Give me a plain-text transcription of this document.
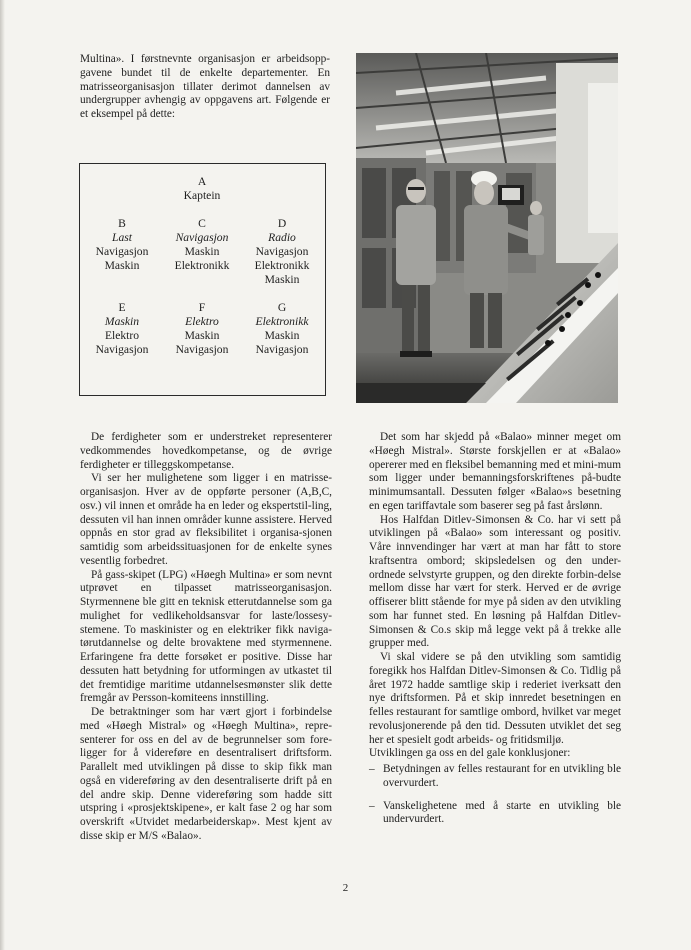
Multina». I førstnevnte organisasjon er arbeidsopp-gavene bundet til de enkelte departementer. En matrisseorganisasjon tillater derimot dannelsen av undergrupper avhengig av oppgavens art. Følgende er et eksempel på dette:

A
Kaptein
B
Last
Navigasjon
Maskin
C
Navigasjon
Maskin
Elektronikk
D
Radio
Navigasjon
Elektronikk
Maskin
E
Maskin
Elektro
Navigasjon
F
Elektro
Maskin
Navigasjon
G
Elektronikk
Maskin
Navigasjon

De ferdigheter som er understreket representerer vedkommendes hovedkompetanse, og de øvrige ferdigheter er tilleggskompetanse.

Vi ser her mulighetene som ligger i en matrisse-organisasjon. Hver av de oppførte personer (A,B,C, osv.) vil innen et område ha en leder og ekspertstil-ling, dessuten vil han innen områder kunne assistere. Herved oppnås en stor grad av fleksibilitet i organisa-sjonen samtidig som arbeidssituasjonen for de enkelte synes vesentlig forbedret.

På gass-skipet (LPG) «Høegh Multina» er som nevnt utprøvet en tilpasset matrisseorganisasjon. Styrmennene ble gitt en teknisk etterutdannelse som ga mulighet for vedlikeholdsansvar for laste/lossesy-stemene. To maskinister og en elektriker fikk naviga-tørutdannelse og delte brovaktene med styrmennene. Erfaringene fra dette forsøket er positive. Disse har dessuten hatt betydning for utformingen av utkastet til det fremtidige maritime utdannelsesmønster slik dette fremgår av Persson-komiteens innstilling.

De betraktninger som har vært gjort i forbindelse med «Høegh Mistral» og «Høegh Multina», repre-senterer for oss en del av de begrunnelser som fore-ligger for å videreføre en desentralisert driftsform. Parallelt med utviklingen på disse to skip fikk man også en videreføring av den desentraliserte drift på en del andre skip. Denne videreføring som hadde sitt utspring i «prosjektskipene», er kalt fase 2 og har som overskrift «Utvidet medarbeiderskap». Mest kjent av disse skip er M/S «Balao».

Det som har skjedd på «Balao» minner meget om «Høegh Mistral». Største forskjellen er at «Balao» opererer med en fleksibel bemanning med et mini-mum som ligger under bemanningsforskriftenes på-budte minimumsantall. Dessuten følger «Balao»s besetning en egen tariffavtale som baserer seg på fast årslønn.

Hos Halfdan Ditlev-Simonsen & Co. har vi sett på utviklingen på «Balao» som interessant og positiv. Våre innvendinger har vært at man har fått to store kraftsentra ombord; skipsledelsen og den under-ordnede selvstyrte gruppen, og den direkte forbin-delse mellom disse har vært for sterk. Herved er de øvrige offiserer blitt stående for mye på siden av den utvikling som har funnet sted. En løsning på Halfdan Ditlev-Simonsen & Co.s skip må legge vekt på å trekke alle grupper med.

Vi skal videre se på den utvikling som samtidig foregikk hos Halfdan Ditlev-Simonsen & Co. Tidlig på året 1972 hadde samtlige skip i rederiet iverksatt den nye driftsformen. På et skip innredet besetningen en felles restaurant for samtlige ombord, hvilket var meget revolusjonerende på den tid. Dessuten utviklet det seg her et spesielt godt arbeids- og fritidsmiljø.

Utviklingen ga oss en del gale konklusjoner:

– Betydningen av felles restaurant for en utvikling ble overvurdert.
– Vanskelighetene med å starte en utvikling ble undervurdert.
2
